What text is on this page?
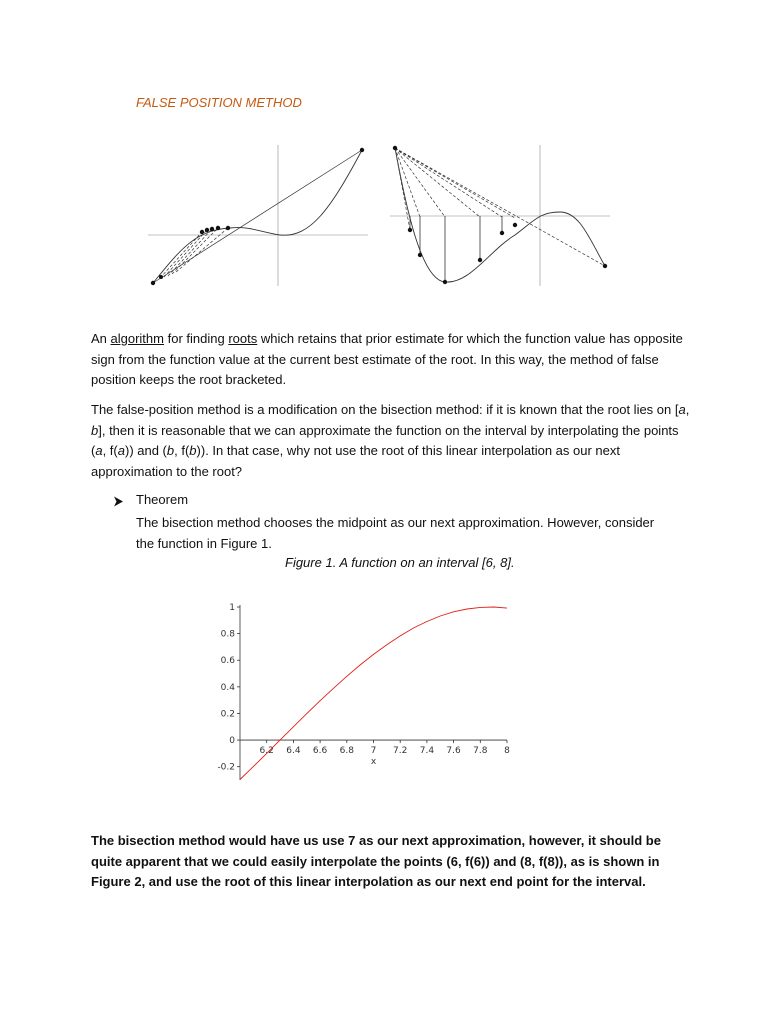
FALSE POSITION METHOD
An algorithm for finding roots which retains that prior estimate for which the function value has opposite sign from the function value at the current best estimate of the root. In this way, the method of false position keeps the root bracketed.
The false-position method is a modification on the bisection method: if it is known that the root lies on [a, b], then it is reasonable that we can approximate the function on the interval by interpolating the points (a, f(a)) and (b, f(b)). In that case, why not use the root of this linear interpolation as our next approximation to the root?
Theorem
The bisection method chooses the midpoint as our next approximation. However, consider the function in Figure 1.
Figure 1. A function on an interval [6, 8].
6.2 6.4 6.6 6.8 7 7.2 7.4 7.6 7.8 8
-0.2
0
0.2
0.4
0.6
0.8
1
x
The bisection method would have us use 7 as our next approximation, however, it should be quite apparent that we could easily interpolate the points (6, f(6)) and (8, f(8)), as is shown in Figure 2, and use the root of this linear interpolation as our next end point for the interval.
